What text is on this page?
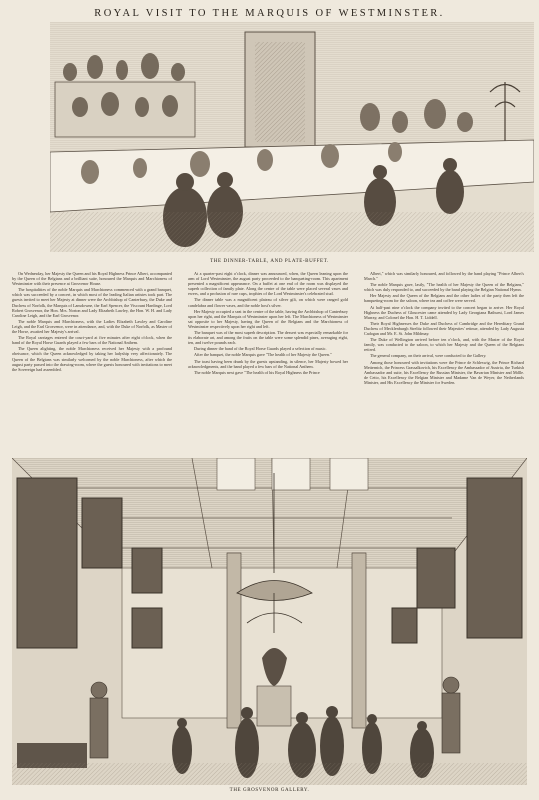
ROYAL VISIT TO THE MARQUIS OF WESTMINSTER.
THE DINNER-TABLE, AND PLATE-BUFFET.

On Wednesday, her Majesty the Queen and his Royal Highness Prince Albert, accompanied by the Queen of the Belgians and a brilliant suite, honoured the Marquis and Marchioness of Westminster with their presence at Grosvenor House.

The hospitalities of the noble Marquis and Marchioness commenced with a grand banquet, which was succeeded by a concert, in which most of the leading Italian artistes took part. The guests invited to meet her Majesty at dinner were the Archbishop of Canterbury, the Duke and Duchess of Norfolk, the Marquis of Lansdowne, the Earl Spencer, the Viscount Hardinge, Lord Robert Grosvenor, the Hon. Mrs. Norton and Lady Elizabeth Lawley, the Hon. W. H. and Lady Caroline Leigh, and the Earl Grosvenor.

The noble Marquis and Marchioness, with the Ladies Elizabeth Lawley and Caroline Leigh, and the Earl Grosvenor, were in attendance, and, with the Duke of Norfolk, as Master of the Horse, awaited her Majesty's arrival.

The Royal carriages entered the court-yard at five minutes after eight o'clock, when the band of the Royal Horse Guards played a few bars of the National Anthem.

The Queen alighting, the noble Marchioness received her Majesty with a profound obeisance, which the Queen acknowledged by taking her ladyship very affectionately. The Queen of the Belgians was similarly welcomed by the noble Marchioness, after which the august party passed into the drawing-room, where the guests honoured with invitations to meet the Sovereign had assembled.

At a quarter-past eight o'clock, dinner was announced, when, the Queen leaning upon the arm of Lord Westminster, the august party proceeded to the banqueting-room. This apartment presented a magnificent appearance. On a buffet at one end of the room was displayed the superb collection of family plate. Along the centre of the table were placed several vases and ewers, and a profusion of rare cups, trophies of the Lord Westminster's celebrated stud.

The dinner table was a magnificent plateau of silver gilt, on which were ranged gold candelabra and flower vases, and the noble host's silver.

Her Majesty occupied a seat in the centre of the table, having the Archbishop of Canterbury upon her right, and the Marquis of Westminster upon her left. The Marchioness of Westminster sat opposite to her Majesty, having the Queen of the Belgians and the Marchioness of Westminster respectively upon her right and left.

The banquet was of the most superb description. The dessert was especially remarkable for its elaborate art, and among the fruits on the table were some splendid pines, averaging eight, ten, and twelve pounds each.

During dinner the band of the Royal Horse Guards played a selection of music.

After the banquet, the noble Marquis gave "The health of her Majesty the Queen."

The toast having been drunk by the guests upstanding, in silence, her Majesty bowed her acknowledgments, and the band played a few bars of the National Anthem.

The noble Marquis next gave "The health of his Royal Highness the Prince

Albert," which was similarly honoured, and followed by the band playing "Prince Albert's March."

The noble Marquis gave, lastly, "The health of her Majesty the Queen of the Belgians," which was duly responded to, and succeeded by the band playing the Belgian National Hymn.

Her Majesty and the Queen of the Belgians and the other ladies of the party then left the banqueting-room for the saloon, where tea and coffee were served.

At half-past nine o'clock the company invited to the concert began to arrive. Her Royal Highness the Duchess of Gloucester came attended by Lady Georgiana Bathurst, Lord James Murray, and Colonel the Hon. H. T. Liddell.

Their Royal Highnesses the Duke and Duchess of Cambridge and the Hereditary Grand Duchess of Mecklenburgh Strelitz followed their Majesties' retinue, attended by Lady Augusta Cadogan and Mr. E. St. John Mildmay.

The Duke of Wellington arrived before ten o'clock, and, with the Master of the Royal family, was conducted to the saloon, to which her Majesty and the Queen of the Belgians retired.

The general company, on their arrival, were conducted to the Gallery.

Among those honoured with invitations were the Prince de Schleswig, the Prince Richard Metternich, the Princess Grassalkovich, his Excellency the Ambassador of Austria, the Turkish Ambassador and suite, his Excellency the Russian Minister, the Bavarian Minister and Mdlle. de Cetto, his Excellency the Belgian Minister and Madame Van de Weyer, the Netherlands Minister, and His Excellency the Minister for Sweden.

THE GROSVENOR GALLERY.
